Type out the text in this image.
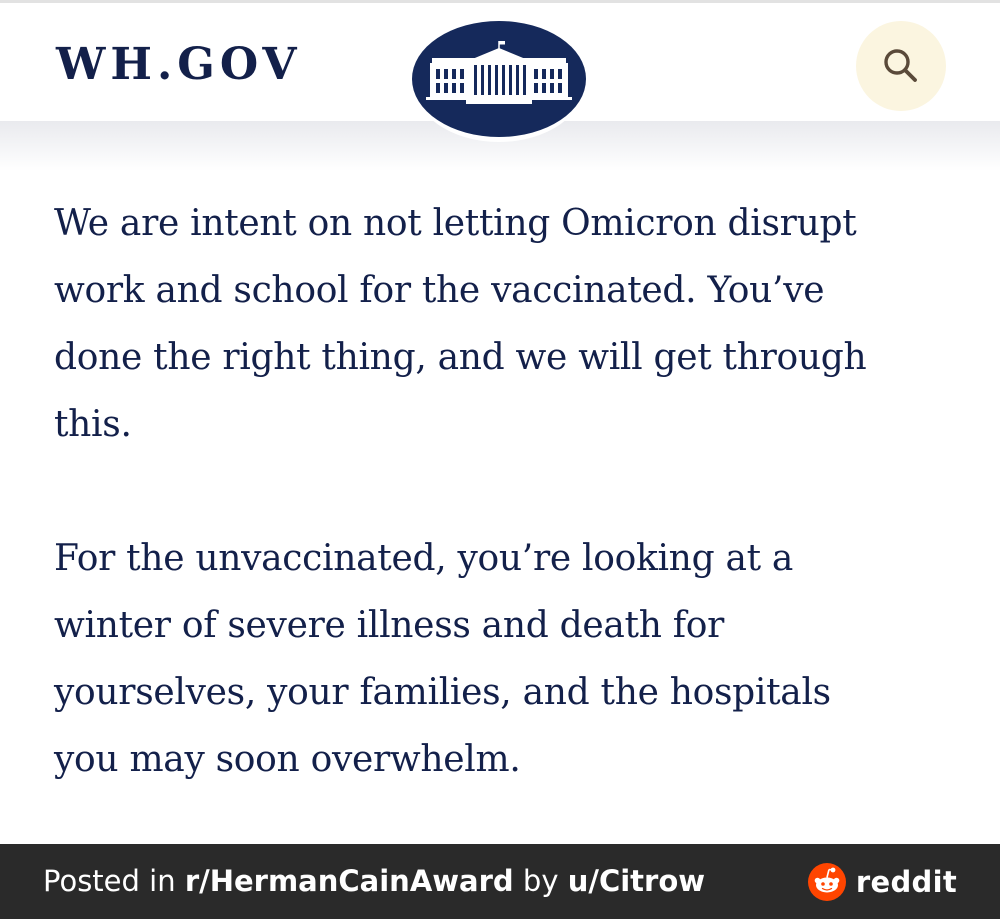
WH.GOV

We are intent on not letting Omicron disrupt
work and school for the vaccinated. You’ve
done the right thing, and we will get through
this.

For the unvaccinated, you’re looking at a
winter of severe illness and death for
yourselves, your families, and the hospitals
you may soon overwhelm.

Posted in r/HermanCainAward by u/Citrow	reddit
